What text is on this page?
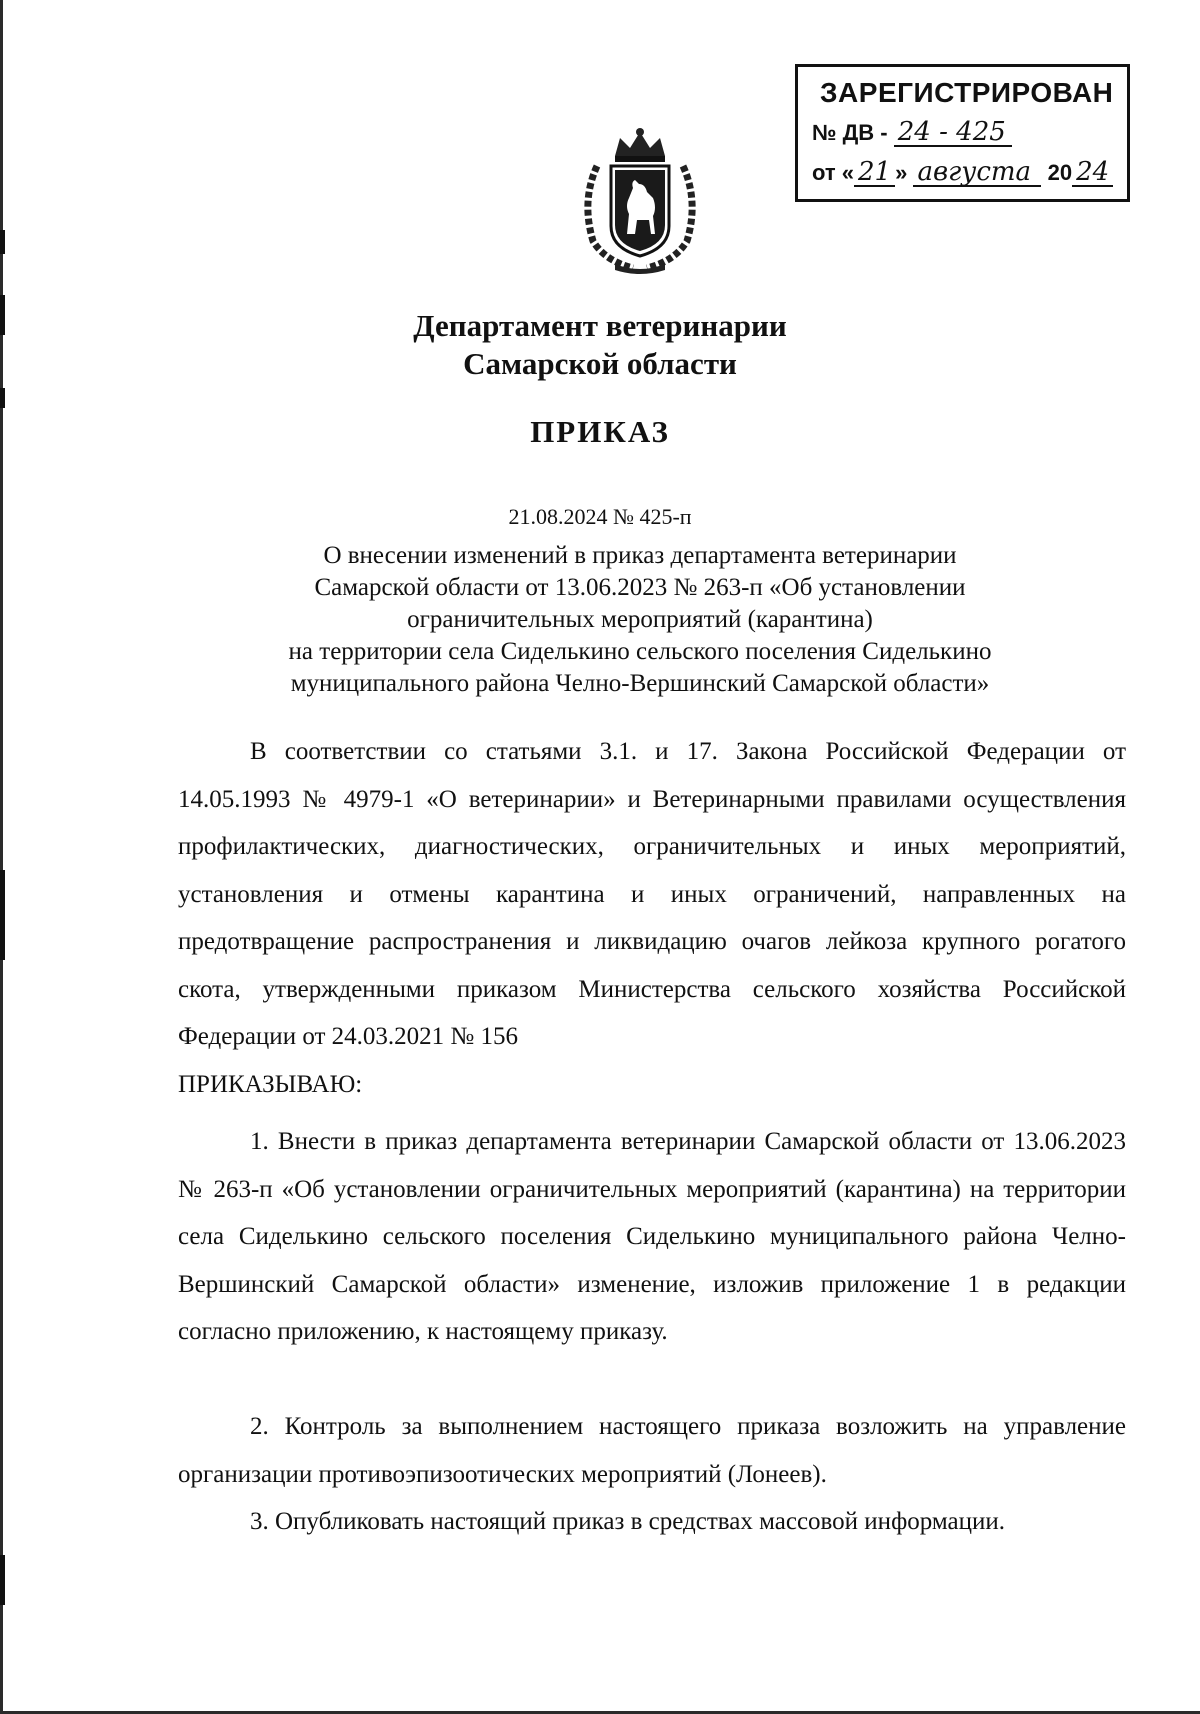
ЗАРЕГИСТРИРОВАН
№ ДВ - 24 - 425
от « 21 » августа 20 24
Департамент ветеринарии
Самарской области
ПРИКАЗ
21.08.2024 № 425-п
О внесении изменений в приказ департамента ветеринарии
Самарской области от 13.06.2023 № 263-п «Об установлении
ограничительных мероприятий (карантина)
на территории села Сиделькино сельского поселения Сиделькино
муниципального района Челно-Вершинский Самарской области»

В соответствии со статьями 3.1. и 17. Закона Российской Федерации от 14.05.1993 № 4979-1 «О ветеринарии» и Ветеринарными правилами осуществления профилактических, диагностических, ограничительных и иных мероприятий, установления и отмены карантина и иных ограничений, направленных на предотвращение распространения и ликвидацию очагов лейкоза крупного рогатого скота, утвержденными приказом Министерства сельского хозяйства Российской Федерации от 24.03.2021 № 156

ПРИКАЗЫВАЮ:

1. Внести в приказ департамента ветеринарии Самарской области от 13.06.2023 № 263-п «Об установлении ограничительных мероприятий (карантина) на территории села Сиделькино сельского поселения Сиделькино муниципального района Челно-Вершинский Самарской области» изменение, изложив приложение 1 в редакции согласно приложению, к настоящему приказу.

2. Контроль за выполнением настоящего приказа возложить на управление организации противоэпизоотических мероприятий (Лонеев).

3. Опубликовать настоящий приказ в средствах массовой информации.
